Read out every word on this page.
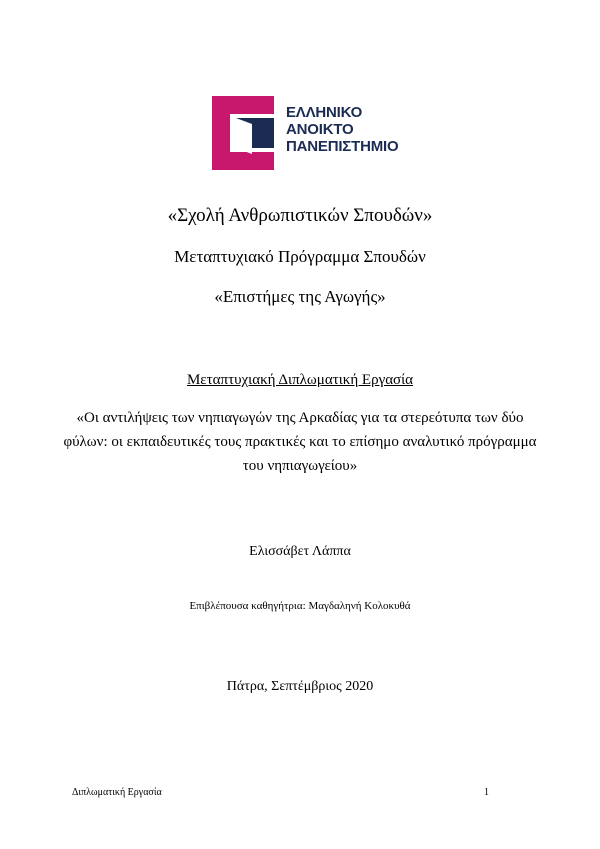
ΕΛΛΗΝΙΚΟ
ΑΝΟΙΚΤΟ
ΠΑΝΕΠΙΣΤΗΜΙΟ
«Σχολή Ανθρωπιστικών Σπουδών»
Μεταπτυχιακό Πρόγραμμα Σπουδών
«Επιστήμες της Αγωγής»
Μεταπτυχιακή Διπλωματική Εργασία
«Οι αντιλήψεις των νηπιαγωγών της Αρκαδίας για τα στερεότυπα των δύο φύλων: οι εκπαιδευτικές τους πρακτικές και το επίσημο αναλυτικό πρόγραμμα του νηπιαγωγείου»
Ελισσάβετ Λάππα
Επιβλέπουσα καθηγήτρια: Μαγδαληνή Κολοκυθά
Πάτρα, Σεπτέμβριος 2020
Διπλωματική Εργασία	1
